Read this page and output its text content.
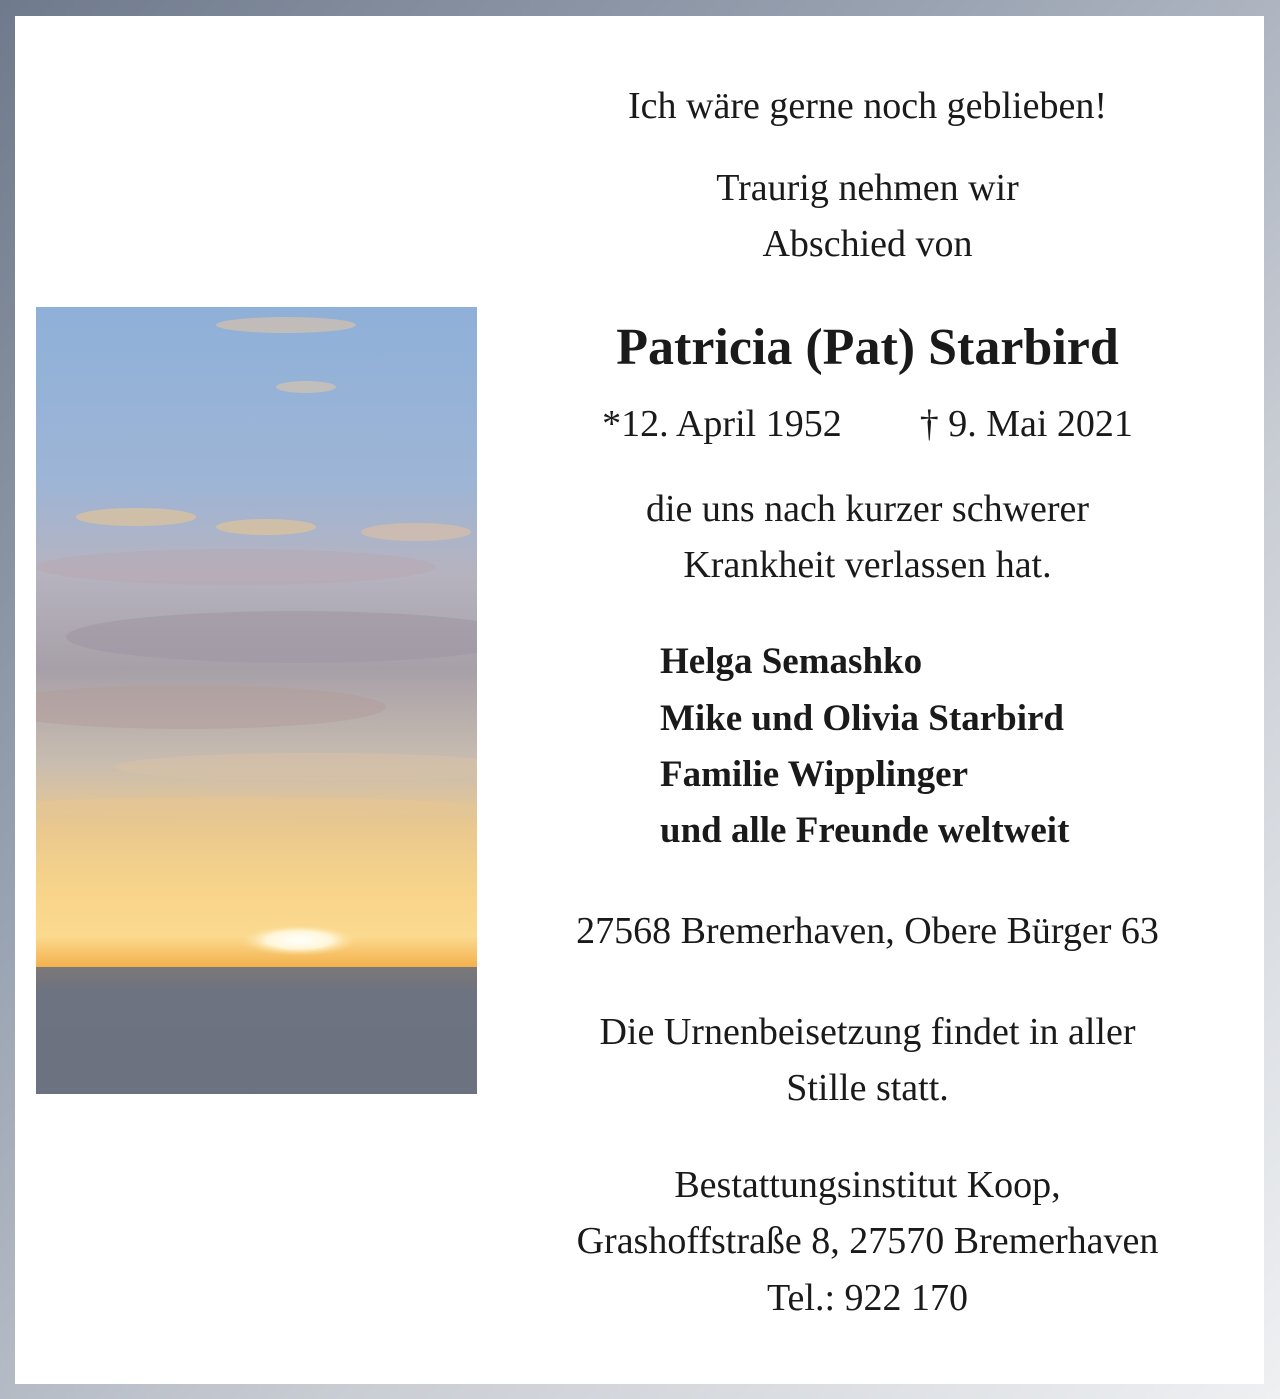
Ich wäre gerne noch geblieben!
Traurig nehmen wir
Abschied von
Patricia (Pat) Starbird
*12. April 1952 † 9. Mai 2021
die uns nach kurzer schwerer
Krankheit verlassen hat.
Helga Semashko
Mike und Olivia Starbird
Familie Wipplinger
und alle Freunde weltweit
27568 Bremerhaven, Obere Bürger 63
Die Urnenbeisetzung findet in aller
Stille statt.
Bestattungsinstitut Koop,
Grashoffstraße 8, 27570 Bremerhaven
Tel.: 922 170
